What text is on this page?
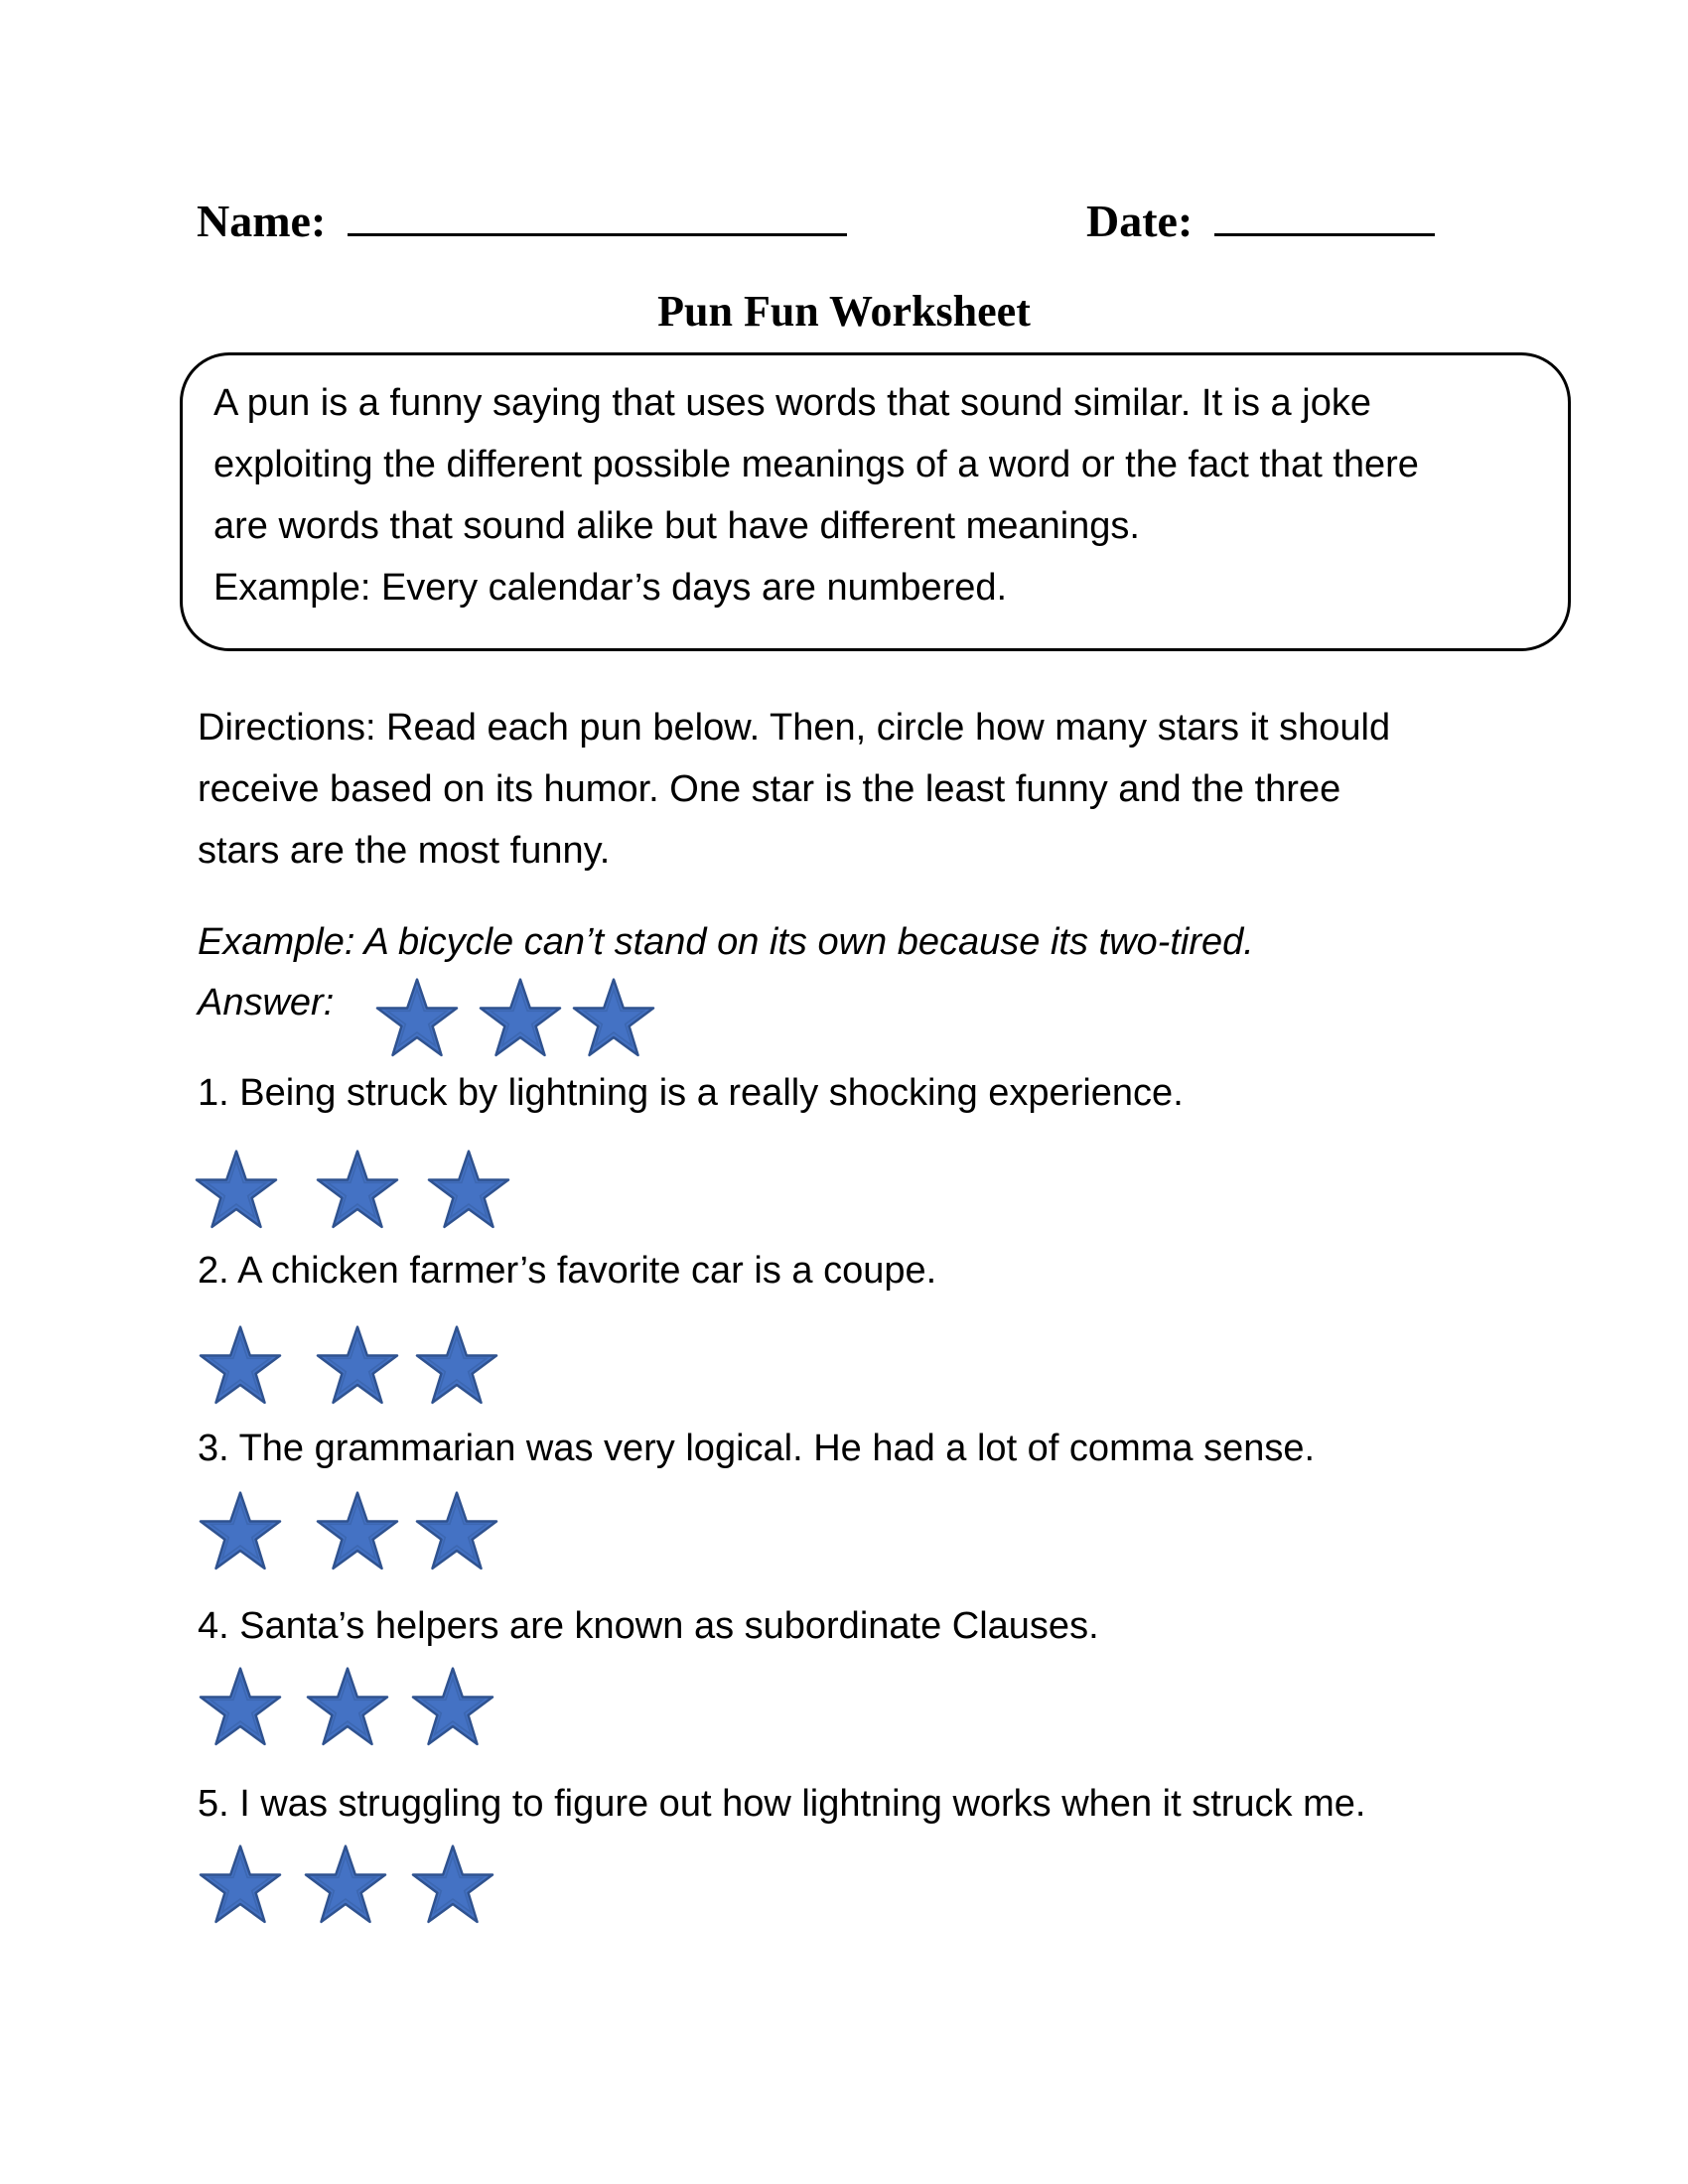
Name:	Date:
Pun Fun Worksheet
A pun is a funny saying that uses words that sound similar. It is a joke
exploiting the different possible meanings of a word or the fact that there
are words that sound alike but have different meanings.
Example: Every calendar’s days are numbered.
Directions: Read each pun below. Then, circle how many stars it should
receive based on its humor. One star is the least funny and the three
stars are the most funny.
Example: A bicycle can’t stand on its own because its two-tired.
Answer:
1. Being struck by lightning is a really shocking experience.
2. A chicken farmer’s favorite car is a coupe.
3. The grammarian was very logical. He had a lot of comma sense.
4. Santa’s helpers are known as subordinate Clauses.
5. I was struggling to figure out how lightning works when it struck me.
